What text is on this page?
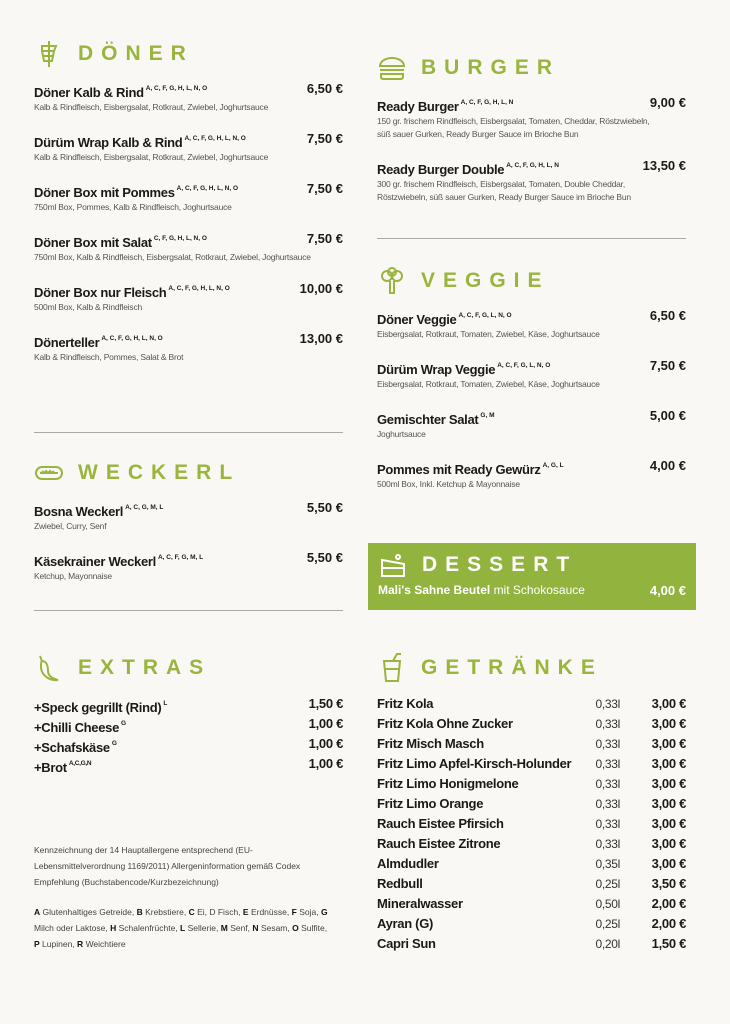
DÖNER
Döner Kalb & Rind $^{A, C, F, G, H, L, N, O}$	6,50 €
Kalb & Rindfleisch, Eisbergsalat, Rotkraut, Zwiebel, Joghurtsauce
Dürüm Wrap Kalb & Rind $^{A, C, F, G, H, L, N, O}$	7,50 €
Kalb & Rindfleisch, Eisbergsalat, Rotkraut, Zwiebel, Joghurtsauce
Döner Box mit Pommes $^{A, C, F, G, H, L, N, O}$	7,50 €
750ml Box, Pommes, Kalb & Rindfleisch, Joghurtsauce
Döner Box mit Salat $^{C, F, G, H, L, N, O}$	7,50 €
750ml Box, Kalb & Rindfleisch, Eisbergsalat, Rotkraut, Zwiebel, Joghurtsauce
Döner Box nur Fleisch $^{A, C, F, G, H, L, N, O}$	10,00 €
500ml Box, Kalb & Rindfleisch
Dönerteller $^{A, C, F, G, H, L, N, O}$	13,00 €
Kalb & Rindfleisch, Pommes, Salat & Brot
WECKERL
Bosna Weckerl $^{A, C, G, M, L}$	5,50 €
Zwiebel, Curry, Senf
Käsekrainer Weckerl $^{A, C, F, G, M, L}$	5,50 €
Ketchup, Mayonnaise
EXTRAS
+Speck gegrillt (Rind) $^L$	1,50 €
+Chilli Cheese $^G$	1,00 €
+Schafskäse $^G$	1,00 €
+Brot $^{A,C,G,N}$	1,00 €
Kennzeichnung der 14 Hauptallergene entsprechend (EU-Lebensmittelverordnung 1169/2011) Allergeninformation gemäß Codex Empfehlung (Buchstabencode/Kurzbezeichnung)
A Glutenhaltiges Getreide, B Krebstiere, C Ei, D Fisch, E Erdnüsse, F Soja, G Milch oder Laktose, H Schalenfrüchte, L Sellerie, M Senf, N Sesam, O Sulfite, P Lupinen, R Weichtiere
BURGER
Ready Burger $^{A, C, F, G, H, L, N}$	9,00 €
150 gr. frischem Rindfleisch, Eisbergsalat, Tomaten, Cheddar, Röstzwiebeln, süß sauer Gurken, Ready Burger Sauce im Brioche Bun
Ready Burger Double $^{A, C, F, G, H, L, N}$	13,50 €
300 gr. frischem Rindfleisch, Eisbergsalat, Tomaten, Double Cheddar, Röstzwiebeln, süß sauer Gurken, Ready Burger Sauce im Brioche Bun
VEGGIE
Döner Veggie $^{A, C, F, G, L, N, O}$	6,50 €
Eisbergsalat, Rotkraut, Tomaten, Zwiebel, Käse, Joghurtsauce
Dürüm Wrap Veggie $^{A, C, F, G, L, N, O}$	7,50 €
Eisbergsalat, Rotkraut, Tomaten, Zwiebel, Käse, Joghurtsauce
Gemischter Salat $^{G, M}$	5,00 €
Joghurtsauce
Pommes mit Ready Gewürz $^{A, G, L}$	4,00 €
500ml Box, Inkl. Ketchup & Mayonnaise
DESSERT
Mali's Sahne Beutel mit Schokosauce	4,00 €
GETRÄNKE
Fritz Kola	0,33l 3,00 €
Fritz Kola Ohne Zucker	0,33l 3,00 €
Fritz Misch Masch	0,33l 3,00 €
Fritz Limo Apfel-Kirsch-Holunder 0,33l 3,00 €
Fritz Limo Honigmelone	0,33l 3,00 €
Fritz Limo Orange	0,33l 3,00 €
Rauch Eistee Pfirsich	0,33l 3,00 €
Rauch Eistee Zitrone	0,33l 3,00 €
Almdudler	0,35l 3,00 €
Redbull	0,25l 3,50 €
Mineralwasser	0,50l 2,00 €
Ayran (G)	0,25l 2,00 €
Capri Sun	0,20l 1,50 €
